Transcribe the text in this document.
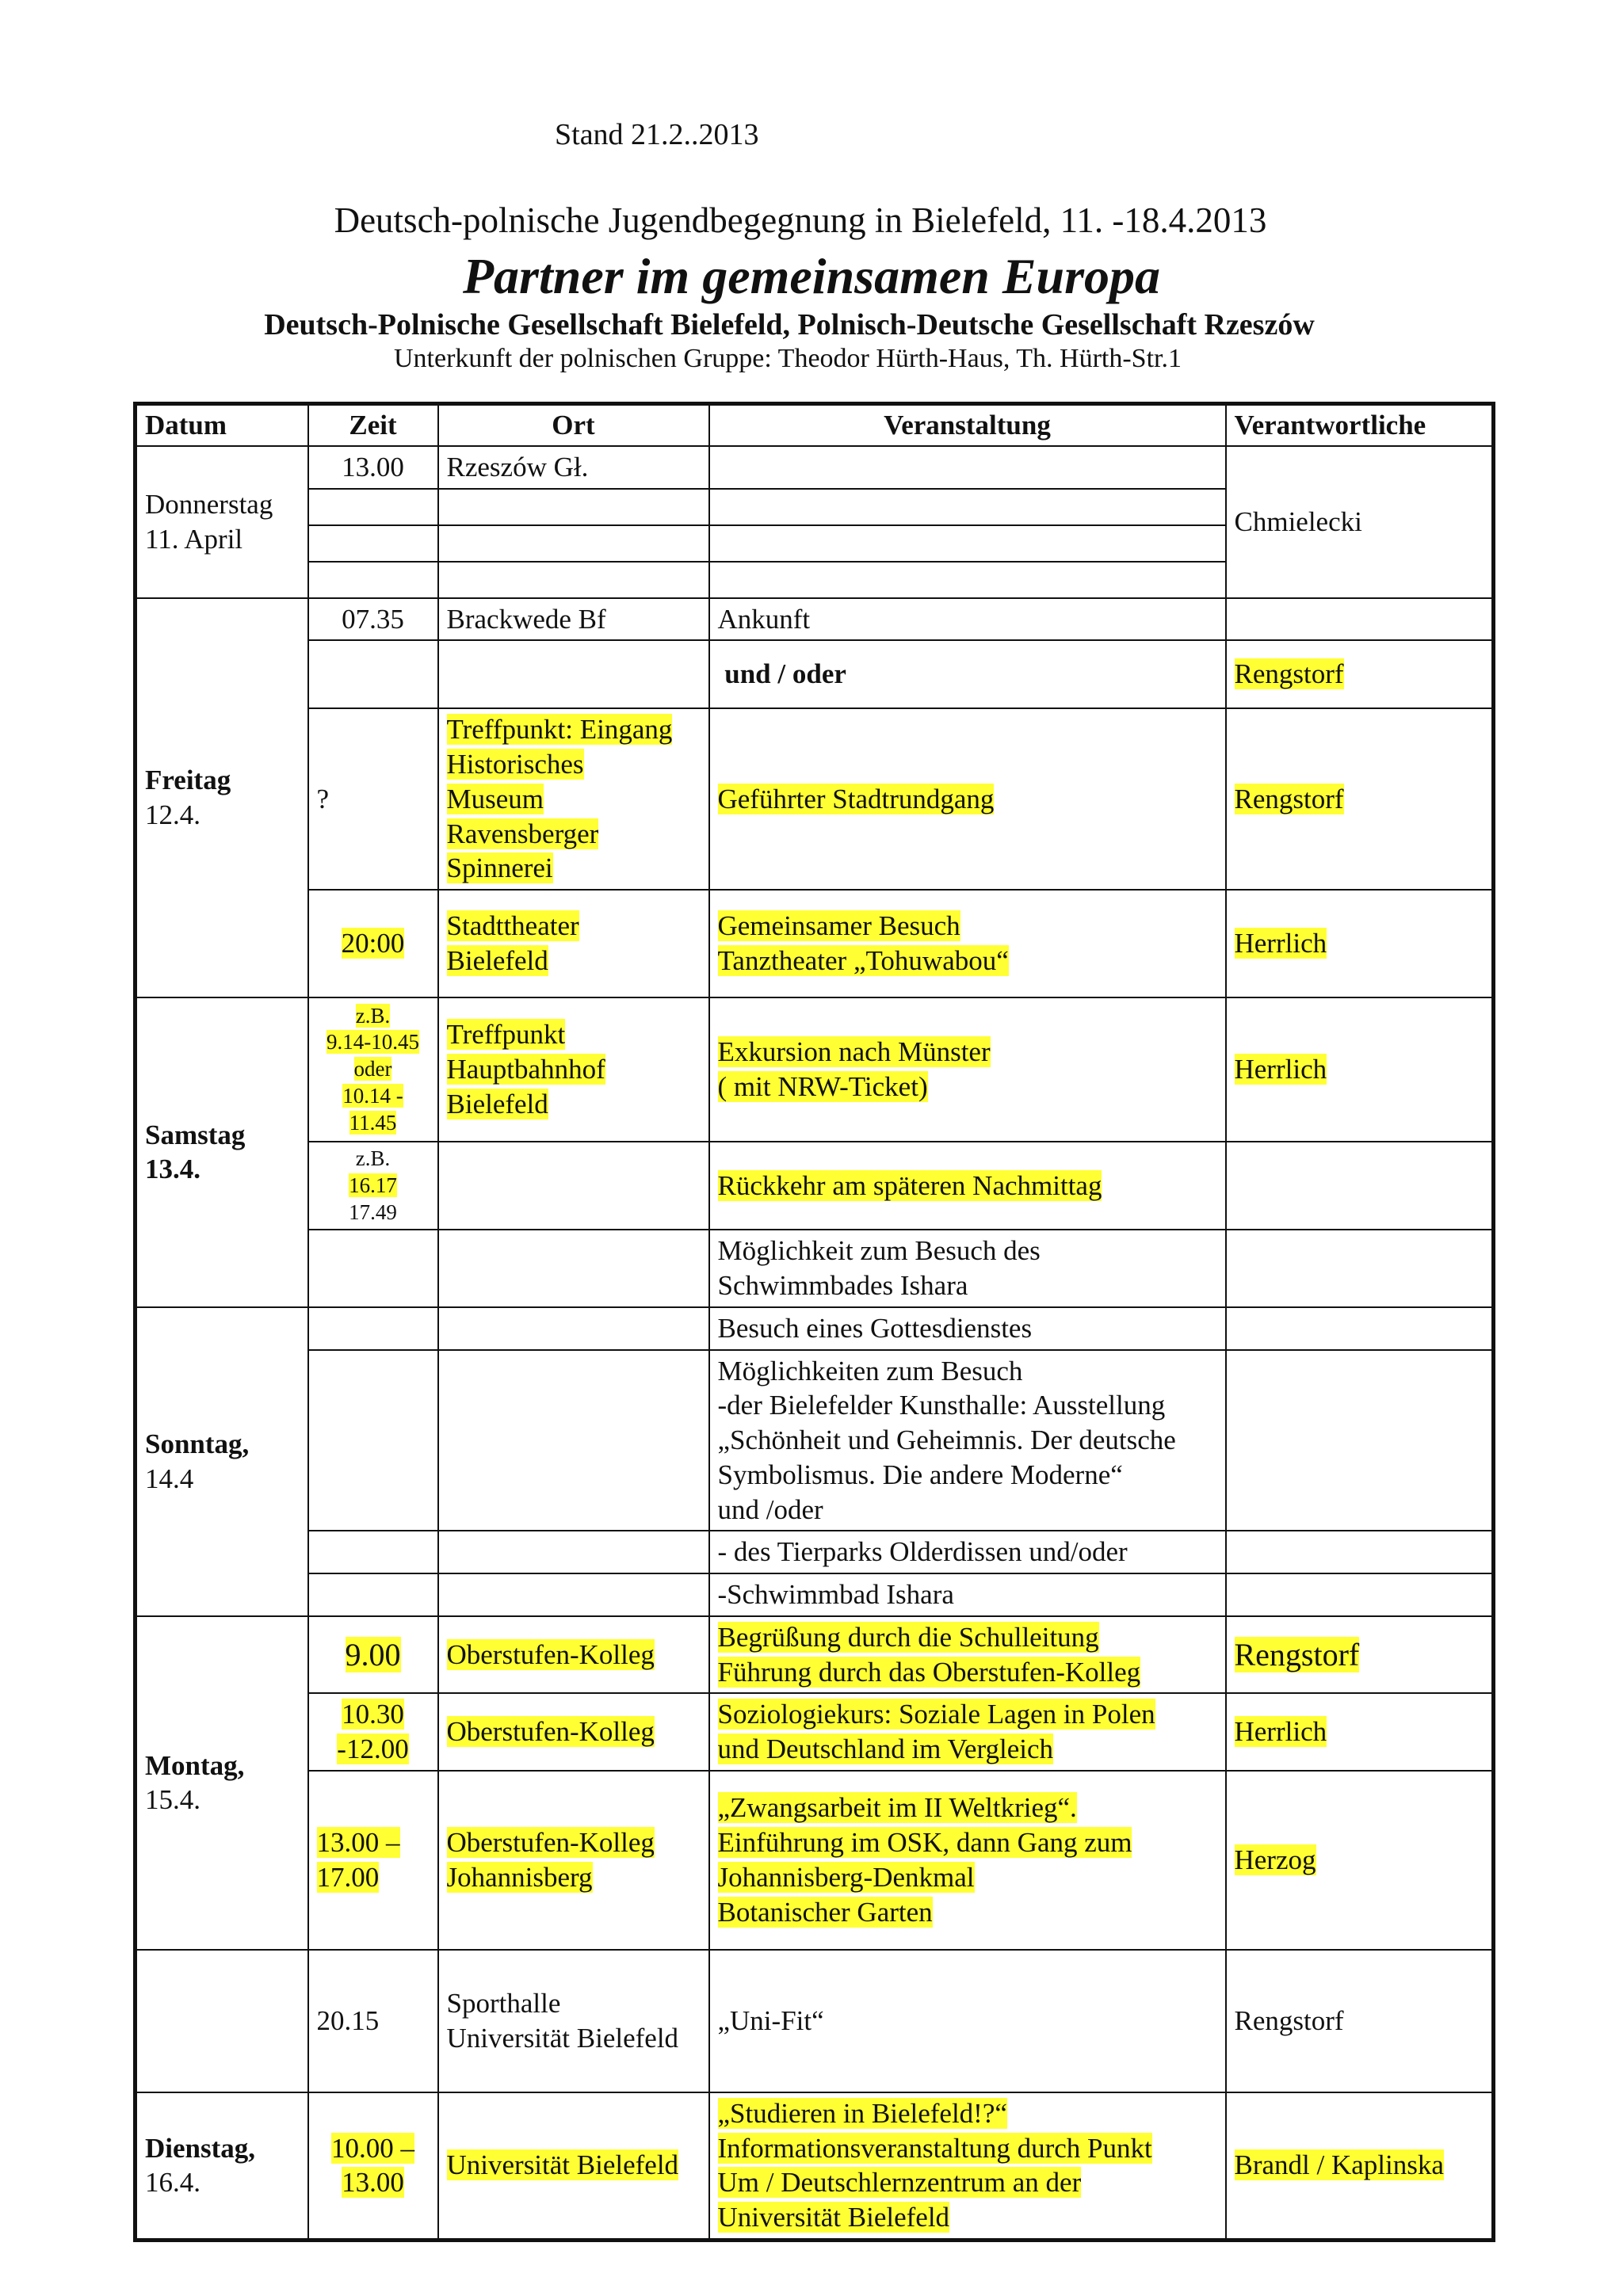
Stand 21.2..2013
Deutsch-polnische Jugendbegegnung in Bielefeld, 11. -18.4.2013
Partner im gemeinsamen Europa
Deutsch-Polnische Gesellschaft Bielefeld, Polnisch-Deutsche Gesellschaft Rzeszów
Unterkunft der polnischen Gruppe: Theodor Hürth-Haus, Th. Hürth-Str.1
Datum	Zeit	Ort	Veranstaltung	Verantwortliche
Donnerstag
11. April	13.00	Rzeszów Gł.		Chmielecki

Freitag
12.4.	07.35	Brackwede Bf	Ankunft	
			und / oder	Rengstorf
	?	Treffpunkt: Eingang
Historisches
Museum
Ravensberger
Spinnerei	Geführter Stadtrundgang	Rengstorf
	20:00	Stadttheater
Bielefeld	Gemeinsamer Besuch
Tanztheater „Tohuwabou“	Herrlich
Samstag
13.4.	z.B.
9.14-10.45
oder
10.14 -
11.45	Treffpunkt
Hauptbahnhof
Bielefeld	Exkursion nach Münster
( mit NRW-Ticket)	Herrlich
	z.B.
16.17
17.49		Rückkehr am späteren Nachmittag	
			Möglichkeit zum Besuch des
Schwimmbades Ishara	
Sonntag,
14.4			Besuch eines Gottesdienstes	
			Möglichkeiten zum Besuch
-der Bielefelder Kunsthalle: Ausstellung
„Schönheit und Geheimnis. Der deutsche
Symbolismus. Die andere Moderne“
und /oder	
			- des Tierparks Olderdissen und/oder	
			-Schwimmbad Ishara	
Montag,
15.4.	9.00	Oberstufen-Kolleg	Begrüßung durch die Schulleitung
Führung durch das Oberstufen-Kolleg	Rengstorf
	10.30
-12.00	Oberstufen-Kolleg	Soziologiekurs: Soziale Lagen in Polen
und Deutschland im Vergleich	Herrlich
	13.00 –
17.00	Oberstufen-Kolleg
Johannisberg	„Zwangsarbeit im II Weltkrieg“.
Einführung im OSK, dann Gang zum
Johannisberg-Denkmal
Botanischer Garten	Herzog
	20.15	Sporthalle
Universität Bielefeld	„Uni-Fit“	Rengstorf
Dienstag,
16.4.	10.00 –
13.00	Universität Bielefeld	„Studieren in Bielefeld!?“
Informationsveranstaltung durch Punkt
Um / Deutschlernzentrum an der
Universität Bielefeld	Brandl / Kaplinska
